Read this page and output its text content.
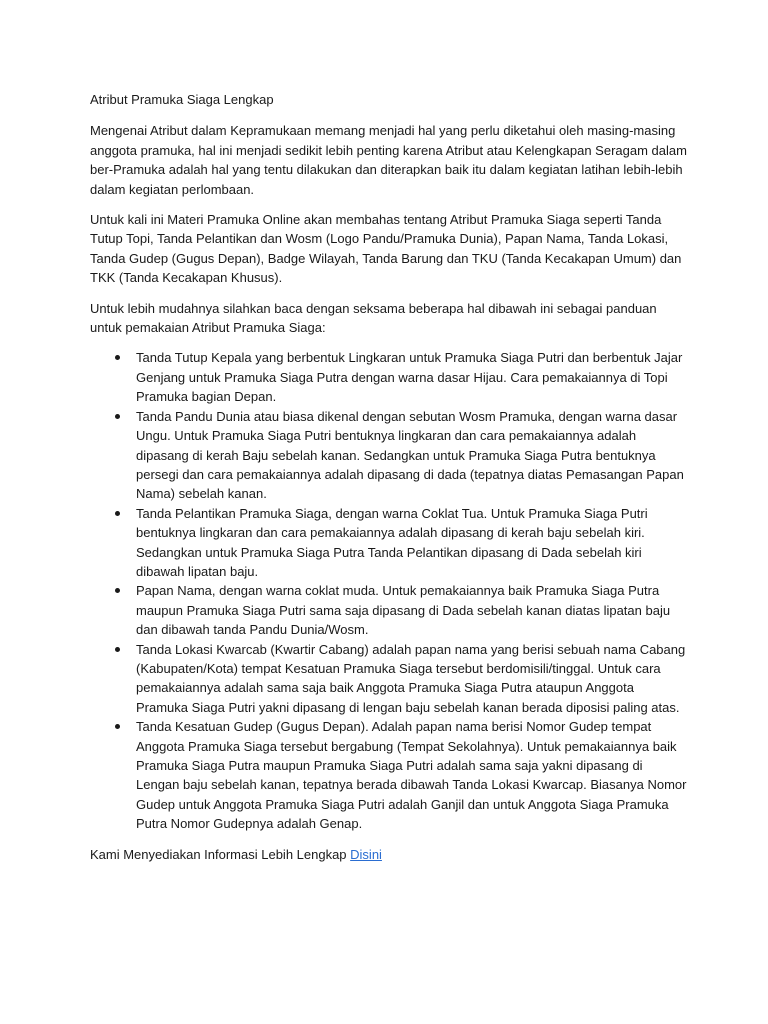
Atribut Pramuka Siaga Lengkap

Mengenai Atribut dalam Kepramukaan memang menjadi hal yang perlu diketahui oleh masing-masing anggota pramuka, hal ini menjadi sedikit lebih penting karena Atribut atau Kelengkapan Seragam dalam ber-Pramuka adalah hal yang tentu dilakukan dan diterapkan baik itu dalam kegiatan latihan lebih-lebih dalam kegiatan perlombaan.

Untuk kali ini Materi Pramuka Online akan membahas tentang Atribut Pramuka Siaga seperti Tanda Tutup Topi, Tanda Pelantikan dan Wosm (Logo Pandu/Pramuka Dunia), Papan Nama, Tanda Lokasi, Tanda Gudep (Gugus Depan), Badge Wilayah, Tanda Barung dan TKU (Tanda Kecakapan Umum) dan TKK (Tanda Kecakapan Khusus).

Untuk lebih mudahnya silahkan baca dengan seksama beberapa hal dibawah ini sebagai panduan untuk pemakaian Atribut Pramuka Siaga:

Tanda Tutup Kepala yang berbentuk Lingkaran untuk Pramuka Siaga Putri dan berbentuk Jajar Genjang untuk Pramuka Siaga Putra dengan warna dasar Hijau. Cara pemakaiannya di Topi Pramuka bagian Depan.
Tanda Pandu Dunia atau biasa dikenal dengan sebutan Wosm Pramuka, dengan warna dasar Ungu. Untuk Pramuka Siaga Putri bentuknya lingkaran dan cara pemakaiannya adalah dipasang di kerah Baju sebelah kanan. Sedangkan untuk Pramuka Siaga Putra bentuknya persegi dan cara pemakaiannya adalah dipasang di dada (tepatnya diatas Pemasangan Papan Nama) sebelah kanan.
Tanda Pelantikan Pramuka Siaga, dengan warna Coklat Tua. Untuk Pramuka Siaga Putri bentuknya lingkaran dan cara pemakaiannya adalah dipasang di kerah baju sebelah kiri. Sedangkan untuk Pramuka Siaga Putra Tanda Pelantikan dipasang di Dada sebelah kiri dibawah lipatan baju.
Papan Nama, dengan warna coklat muda. Untuk pemakaiannya baik Pramuka Siaga Putra maupun Pramuka Siaga Putri sama saja dipasang di Dada sebelah kanan diatas lipatan baju dan dibawah tanda Pandu Dunia/Wosm.
Tanda Lokasi Kwarcab (Kwartir Cabang) adalah papan nama yang berisi sebuah nama Cabang (Kabupaten/Kota) tempat Kesatuan Pramuka Siaga tersebut berdomisili/tinggal. Untuk cara pemakaiannya adalah sama saja baik Anggota Pramuka Siaga Putra ataupun Anggota Pramuka Siaga Putri yakni dipasang di lengan baju sebelah kanan berada diposisi paling atas.
Tanda Kesatuan Gudep (Gugus Depan). Adalah papan nama berisi Nomor Gudep tempat Anggota Pramuka Siaga tersebut bergabung (Tempat Sekolahnya). Untuk pemakaiannya baik Pramuka Siaga Putra maupun Pramuka Siaga Putri adalah sama saja yakni dipasang di Lengan baju sebelah kanan, tepatnya berada dibawah Tanda Lokasi Kwarcap. Biasanya Nomor Gudep untuk Anggota Pramuka Siaga Putri adalah Ganjil dan untuk Anggota Siaga Pramuka Putra Nomor Gudepnya adalah Genap.

Kami Menyediakan Informasi Lebih Lengkap Disini
